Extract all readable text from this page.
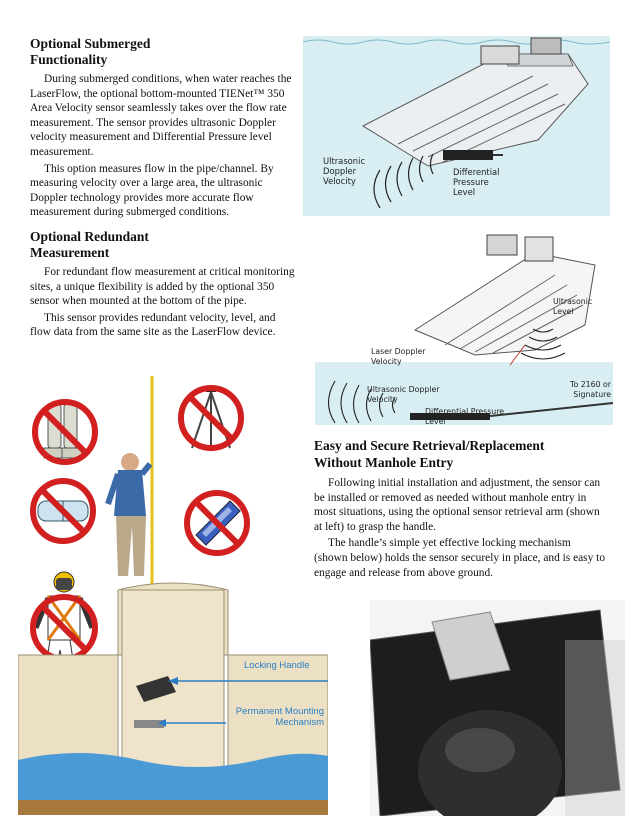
Optional Submerged Functionality

During submerged conditions, when water reaches the LaserFlow, the optional bottom-mounted TIENet™ 350 Area Velocity sensor seamlessly takes over the flow rate measurement. The sensor provides ultrasonic Doppler velocity measurement and Differential Pressure level measurement.

This option measures flow in the pipe/channel. By measuring velocity over a large area, the ultrasonic Doppler technology provides more accurate flow measurement during submerged conditions.

Optional Redundant Measurement

For redundant flow measurement at critical monitoring sites, a unique flexibility is added by the optional 350 sensor when mounted at the bottom of the pipe.

This sensor provides redundant velocity, level, and flow data from the same site as the LaserFlow device.

Ultrasonic Doppler Velocity
Differential Pressure Level
Ultrasonic Level
Laser Doppler Velocity
Ultrasonic Doppler Velocity
Differential Pressure Level
To 2160 or Signature
Easy and Secure Retrieval/Replacement Without Manhole Entry

Following initial installation and adjustment, the sensor can be installed or removed as needed without manhole entry in most situations, using the optional sensor retrieval arm (shown at left) to grasp the handle.

The handle’s simple yet effective locking mechanism (shown below) holds the sensor securely in place, and is easy to engage and release from above ground.

Locking Handle
Permanent Mounting Mechanism
